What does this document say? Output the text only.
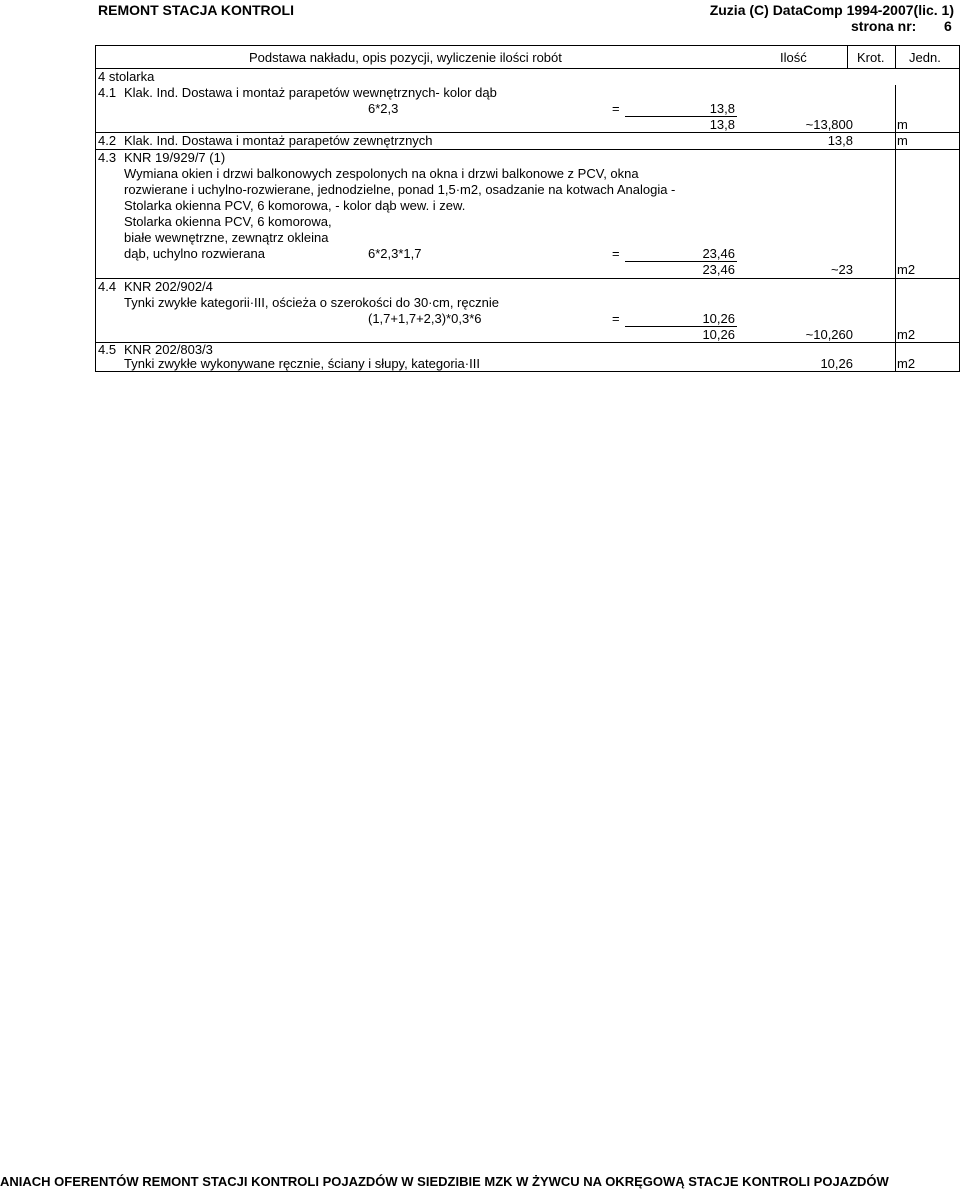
REMONT STACJA KONTROLI	Zuzia (C) DataComp 1994-2007(lic. 1)
strona nr: 6
Podstawa nakładu, opis pozycji, wyliczenie ilości robót	Ilość	Krot. Jedn.
4 stolarka
4.1 Klak. Ind. Dostawa i montaż parapetów wewnętrznych- kolor dąb
6*2,3	=	13,8
13,8	~13,800	m
4.2 Klak. Ind. Dostawa i montaż parapetów zewnętrznych	13,8	m
4.3 KNR 19/929/7 (1)
Wymiana okien i drzwi balkonowych zespolonych na okna i drzwi balkonowe z PCV, okna
rozwierane i uchylno-rozwierane, jednodzielne, ponad 1,5·m2, osadzanie na kotwach Analogia -
Stolarka okienna PCV, 6 komorowa, - kolor dąb wew. i zew.
Stolarka okienna PCV, 6 komorowa,
białe wewnętrzne, zewnątrz okleina
dąb, uchylno rozwierana	6*2,3*1,7	=	23,46
23,46	~23	m2
4.4 KNR 202/902/4
Tynki zwykłe kategorii·III, ościeża o szerokości do 30·cm, ręcznie
(1,7+1,7+2,3)*0,3*6	=	10,26
10,26	~10,260	m2
4.5 KNR 202/803/3
Tynki zwykłe wykonywane ręcznie, ściany i słupy, kategoria·III	10,26	m2
ANIACH OFERENTÓW REMONT STACJI KONTROLI POJAZDÓW W SIEDZIBIE MZK W ŻYWCU NA OKRĘGOWĄ STACJE KONTROLI POJAZDÓW
